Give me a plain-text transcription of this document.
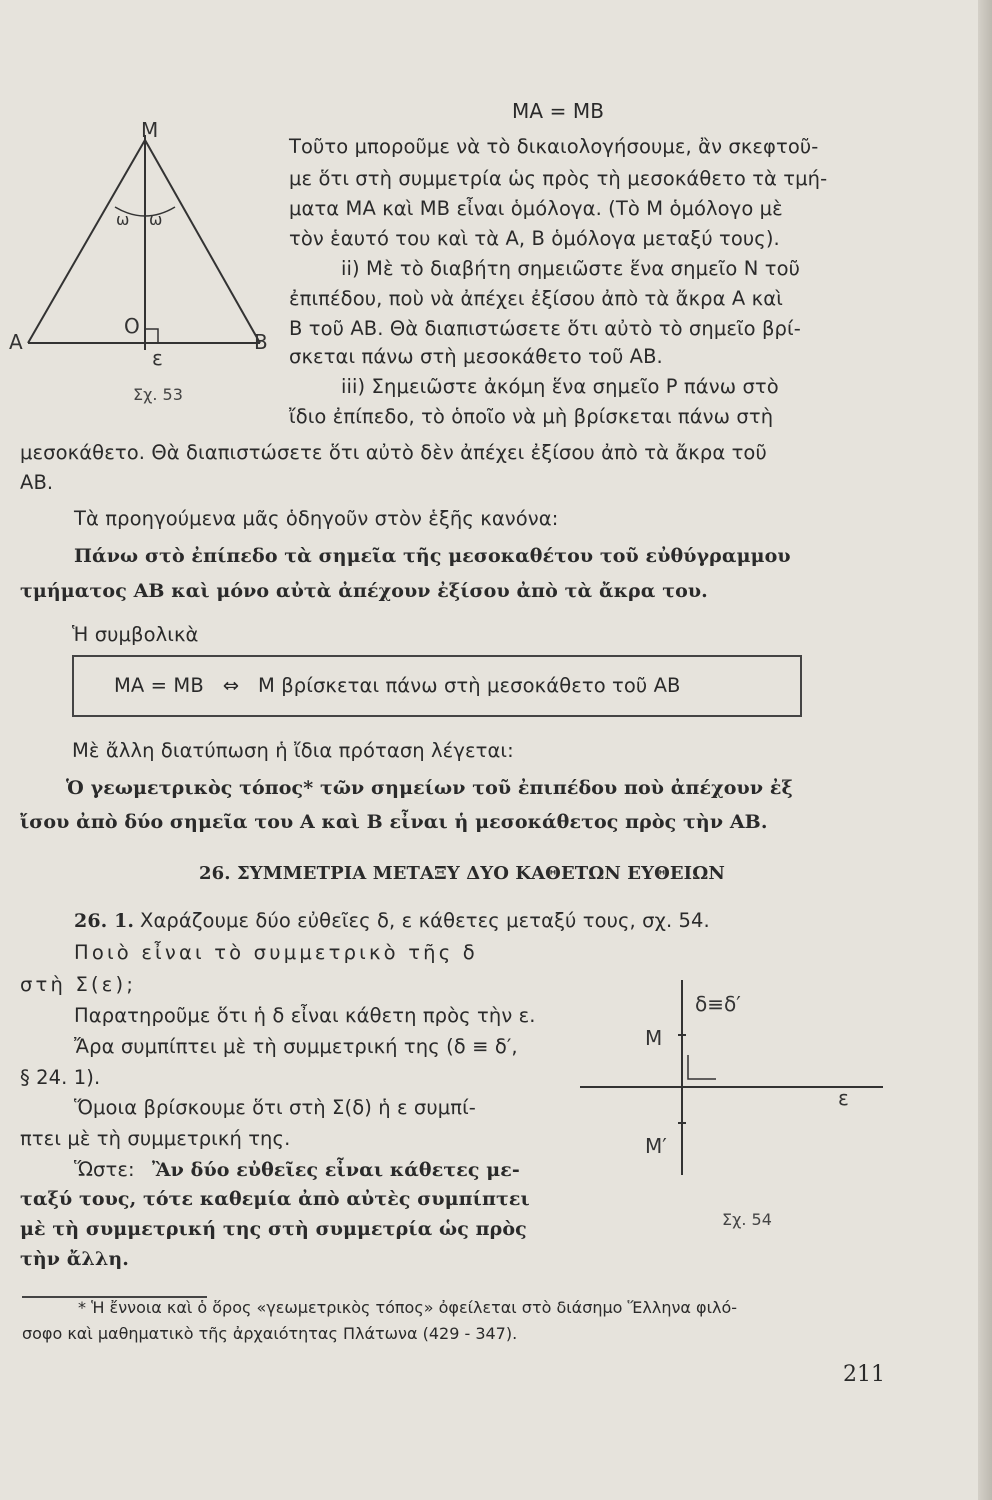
ΜΑ = ΜΒ
Μ
Α	Β
Ο
ε
ω ω
Σχ. 53
Τοῦτο μποροῦμε νὰ τὸ δικαιολογήσουμε, ἂν σκεφτοῦ-
με ὅτι στὴ συμμετρία ὡς πρὸς τὴ μεσοκάθετο τὰ τμή-
ματα ΜΑ καὶ ΜΒ εἶναι ὁμόλογα. (Τὸ Μ ὁμόλογο μὲ
τὸν ἑαυτό του καὶ τὰ Α, Β ὁμόλογα μεταξύ τους).
ii) Μὲ τὸ διαβήτη σημειῶστε ἕνα σημεῖο Ν τοῦ
ἐπιπέδου, ποὺ νὰ ἀπέχει ἐξίσου ἀπὸ τὰ ἄκρα Α καὶ
Β τοῦ ΑΒ. Θὰ διαπιστώσετε ὅτι αὐτὸ τὸ σημεῖο βρί-
σκεται πάνω στὴ μεσοκάθετο τοῦ ΑΒ.
iii) Σημειῶστε ἀκόμη ἕνα σημεῖο Ρ πάνω στὸ
ἴδιο ἐπίπεδο, τὸ ὁποῖο νὰ μὴ βρίσκεται πάνω στὴ
μεσοκάθετο. Θὰ διαπιστώσετε ὅτι αὐτὸ δὲν ἀπέχει ἐξίσου ἀπὸ τὰ ἄκρα τοῦ
ΑΒ.
Τὰ προηγούμενα μᾶς ὁδηγοῦν στὸν ἑξῆς κανόνα:
Πάνω στὸ ἐπίπεδο τὰ σημεῖα τῆς μεσοκαθέτου τοῦ εὐθύγραμμου
τμήματος ΑΒ καὶ μόνο αὐτὰ ἀπέχουν ἐξίσου ἀπὸ τὰ ἄκρα του.
Ἡ συμβολικὰ
ΜΑ = ΜΒ   ⇔   Μ βρίσκεται πάνω στὴ μεσοκάθετο τοῦ ΑΒ
Μὲ ἄλλη διατύπωση ἡ ἴδια πρόταση λέγεται:
Ὁ γεωμετρικὸς τόπος* τῶν σημείων τοῦ ἐπιπέδου ποὺ ἀπέχουν ἐξ
ἴσου ἀπὸ δύο σημεῖα του Α καὶ Β εἶναι ἡ μεσοκάθετος πρὸς τὴν ΑΒ.
26. ΣΥΜΜΕΤΡΙΑ ΜΕΤΑΞΥ ΔΥΟ ΚΑΘΕΤΩΝ ΕΥΘΕΙΩΝ
26. 1. Χαράζουμε δύο εὐθεῖες δ, ε κάθετες μεταξύ τους, σχ. 54.
Ποιὸ εἶναι τὸ συμμετρικὸ τῆς δ
στὴ Σ(ε);
Παρατηροῦμε ὅτι ἡ δ εἶναι κάθετη πρὸς τὴν ε.
Ἄρα συμπίπτει μὲ τὴ συμμετρική της (δ ≡ δ′,
§ 24. 1).
Ὅμοια βρίσκουμε ὅτι στὴ Σ(δ) ἡ ε συμπί-
πτει μὲ τὴ συμμετρική της.
Ὥστε: Ἂν δύο εὐθεῖες εἶναι κάθετες με-
ταξύ τους, τότε καθεμία ἀπὸ αὐτὲς συμπίπτει
μὲ τὴ συμμετρική της στὴ συμμετρία ὡς πρὸς
τὴν ἄλλη.
δ≡δ′
Μ
Μ′
ε
Σχ. 54
* Ἡ ἔννοια καὶ ὁ ὅρος «γεωμετρικὸς τόπος» ὀφείλεται στὸ διάσημο Ἕλληνα φιλό-
σοφο καὶ μαθηματικὸ τῆς ἀρχαιότητας Πλάτωνα (429 - 347).
211
